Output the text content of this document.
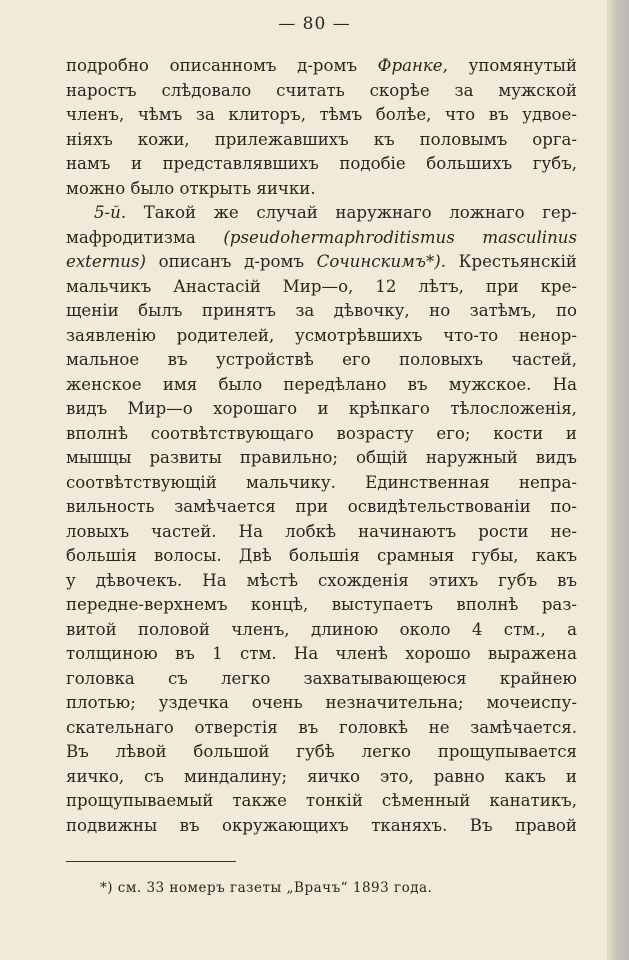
— 80 —
подробно описанномъ д-ромъ Франке, упомянутый
наростъ слѣдовало считать скорѣе за мужской
членъ, чѣмъ за клиторъ, тѣмъ болѣе, что въ удвое-
ніяхъ кожи, прилежавшихъ къ половымъ орга-
намъ и представлявшихъ подобіе большихъ губъ,
можно было открыть яички.
5-й. Такой же случай наружнаго ложнаго гер-
мафродитизма (pseudohermaphroditismus masculinus
externus) описанъ д-ромъ Сочинскимъ*). Крестьянскій
мальчикъ Анастасій Мир—о, 12 лѣтъ, при кре-
щеніи былъ принятъ за дѣвочку, но затѣмъ, по
заявленію родителей, усмотрѣвшихъ что-то ненор-
мальное въ устройствѣ его половыхъ частей,
женское имя было передѣлано въ мужское. На
видъ Мир—о хорошаго и крѣпкаго тѣлосложенія,
вполнѣ соотвѣтствующаго возрасту его; кости и
мышцы развиты правильно; общій наружный видъ
соотвѣтствующій мальчику. Единственная непра-
вильность замѣчается при освидѣтельствованіи по-
ловыхъ частей. На лобкѣ начинаютъ рости не-
большія волосы. Двѣ большія срамныя губы, какъ
у дѣвочекъ. На мѣстѣ схожденія этихъ губъ въ
передне-верхнемъ концѣ, выступаетъ вполнѣ раз-
витой половой членъ, длиною около 4 стм., а
толщиною въ 1 стм. На членѣ хорошо выражена
головка съ легко захватывающеюся крайнею
плотью; уздечка очень незначительна; мочеиспу-
скательнаго отверстія въ головкѣ не замѣчается.
Въ лѣвой большой губѣ легко прощупывается
яичко, съ миндалину; яичко это, равно какъ и
прощупываемый также тонкій сѣменный канатикъ,
подвижны въ окружающихъ тканяхъ. Въ правой
*) см. 33 номеръ газеты „Врачъ“ 1893 года.
